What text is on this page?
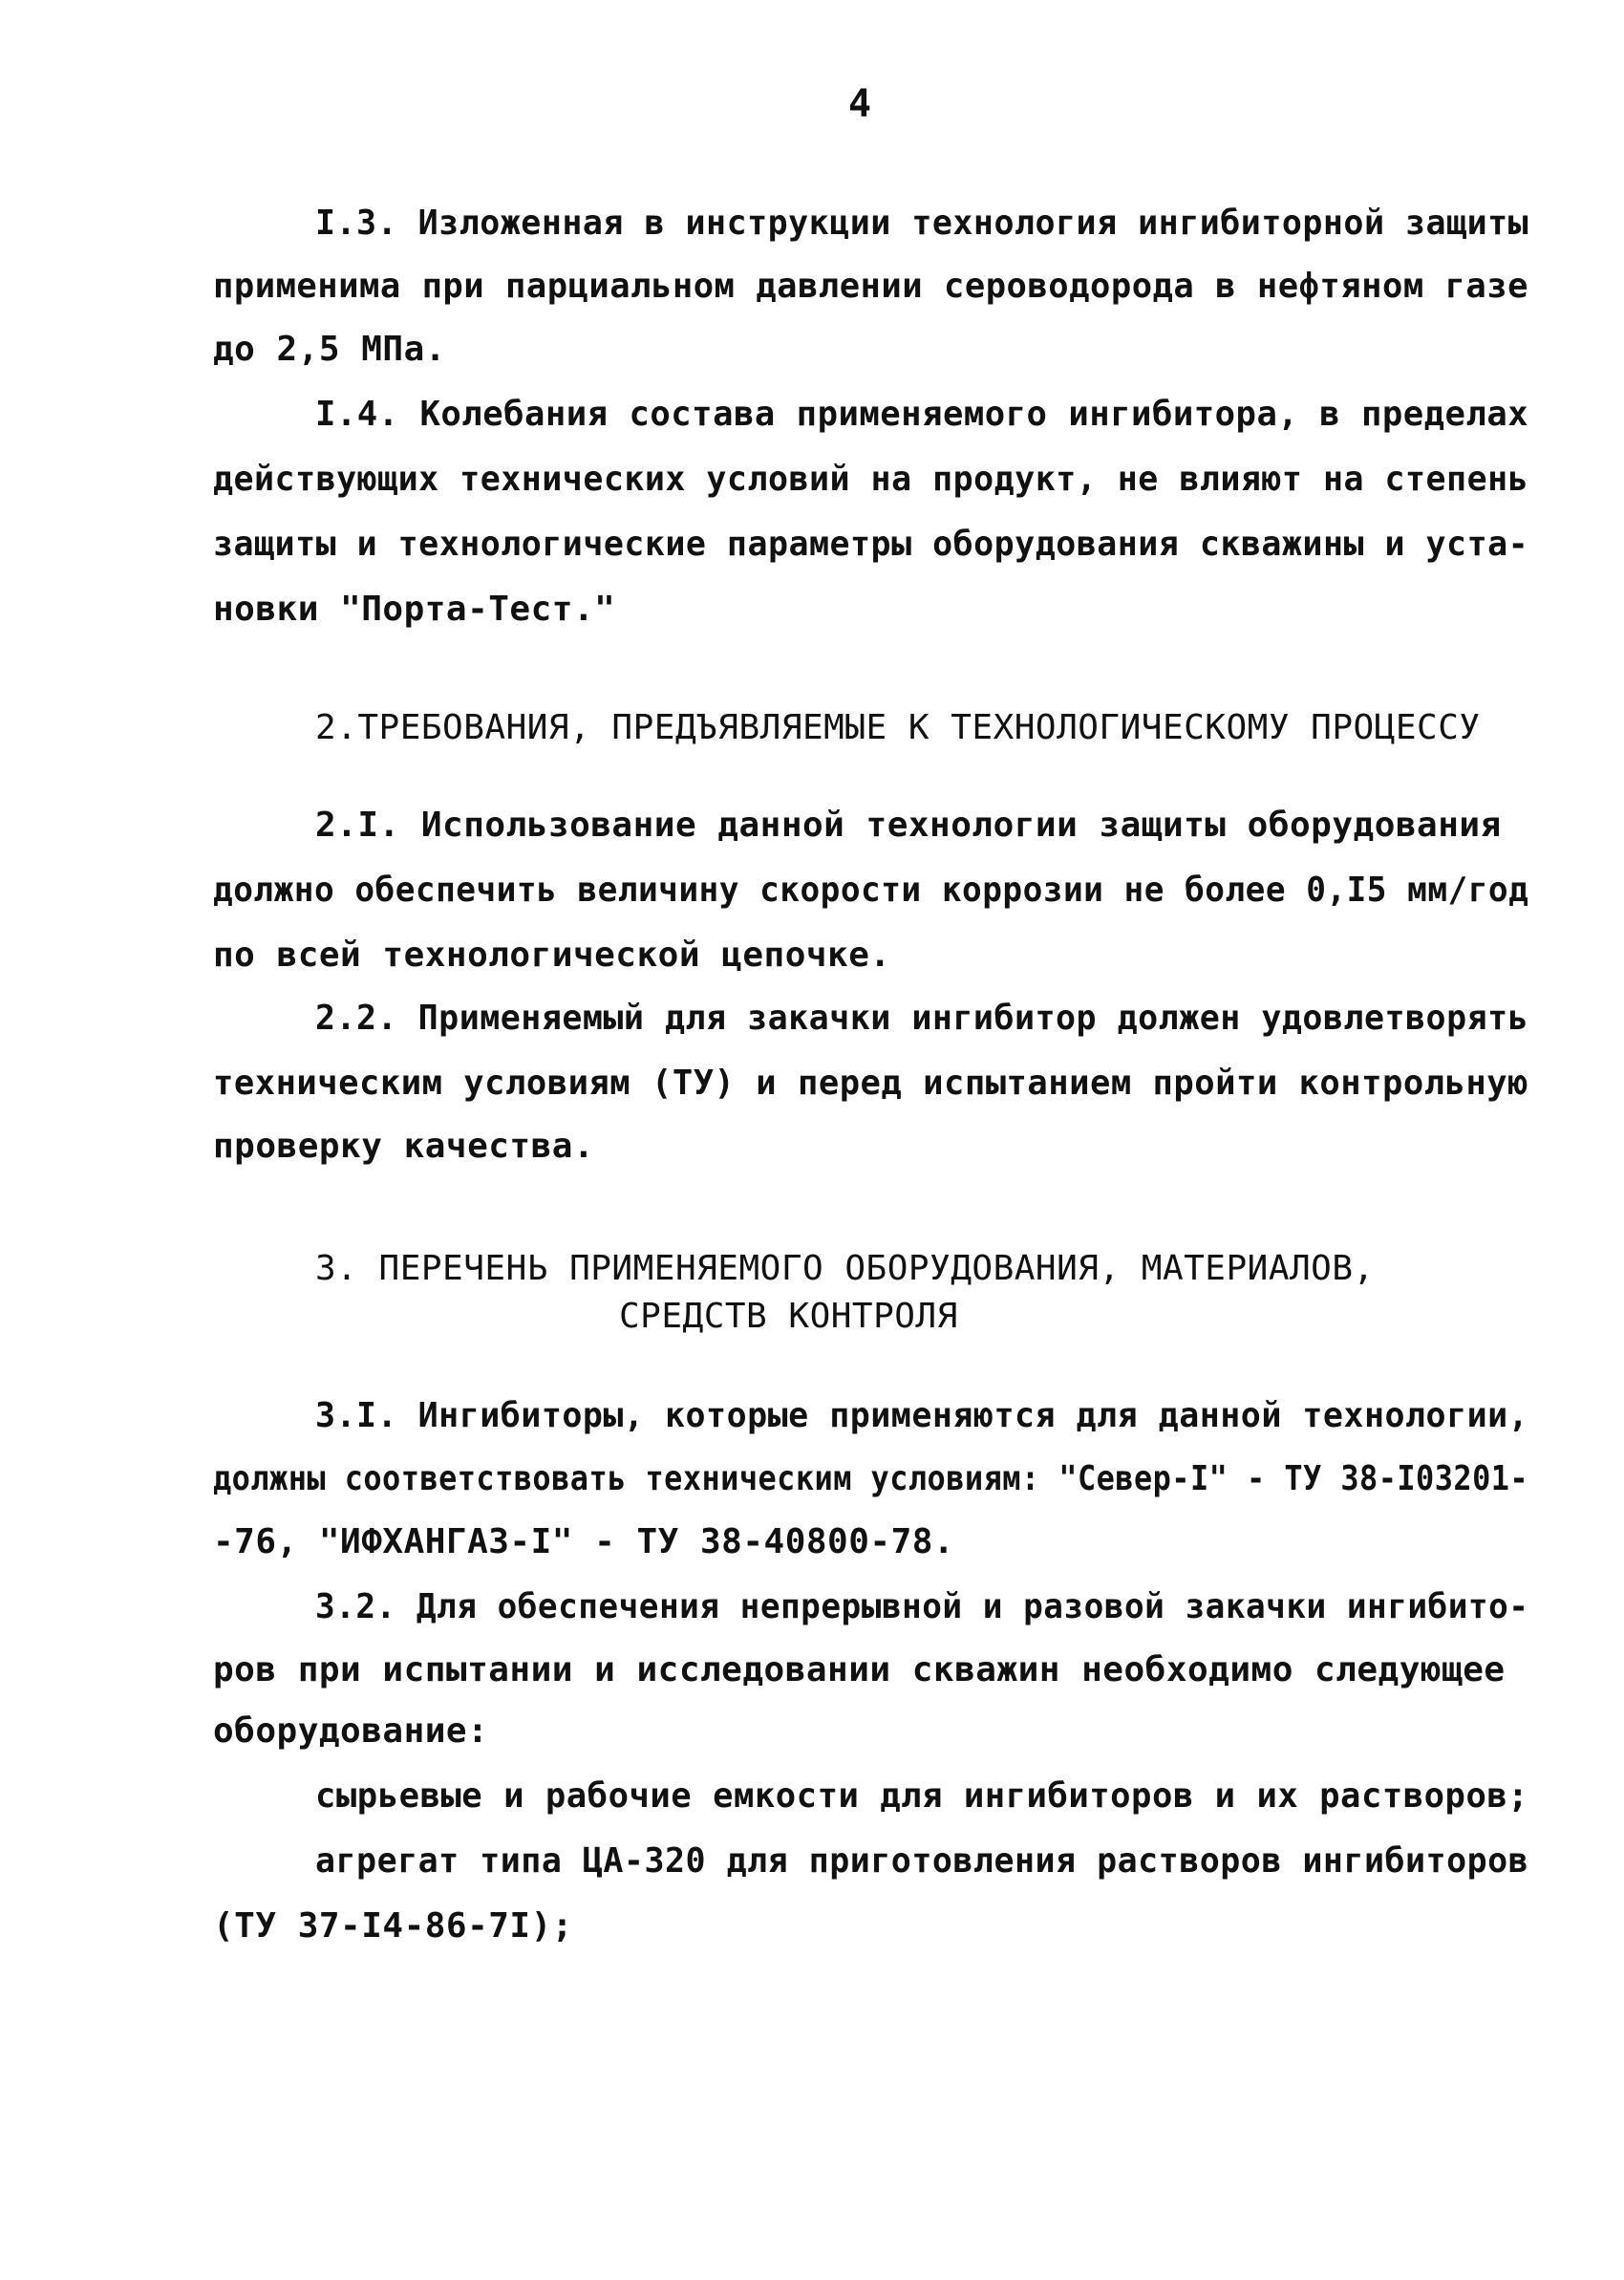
4
I.3. Изложенная в инструкции технология ингибиторной защиты
применима при парциальном давлении сероводорода в нефтяном газе
до 2,5 МПа.
I.4. Колебания состава применяемого ингибитора, в пределах
действующих технических условий на продукт, не влияют на степень
защиты и технологические параметры оборудования скважины и уста-
новки "Порта-Тест."
2.ТРЕБОВАНИЯ, ПРЕДЪЯВЛЯЕМЫЕ К ТЕХНОЛОГИЧЕСКОМУ ПРОЦЕССУ
2.I. Использование данной технологии защиты оборудования
должно обеспечить величину скорости коррозии не более 0,I5 мм/год
по всей технологической цепочке.
2.2. Применяемый для закачки ингибитор должен удовлетворять
техническим условиям (ТУ) и перед испытанием пройти контрольную
проверку качества.
3. ПЕРЕЧЕНЬ ПРИМЕНЯЕМОГО ОБОРУДОВАНИЯ, МАТЕРИАЛОВ,
СРЕДСТВ КОНТРОЛЯ
3.I. Ингибиторы, которые применяются для данной технологии,
должны соответствовать техническим условиям: "Север-I" - ТУ 38-I03201-
-76, "ИФХАНГАЗ-I" - ТУ 38-40800-78.
3.2. Для обеспечения непрерывной и разовой закачки ингибито-
ров при испытании и исследовании скважин необходимо следующее
оборудование:
сырьевые и рабочие емкости для ингибиторов и их растворов;
агрегат типа ЦА-320 для приготовления растворов ингибиторов
(ТУ 37-I4-86-7I);
